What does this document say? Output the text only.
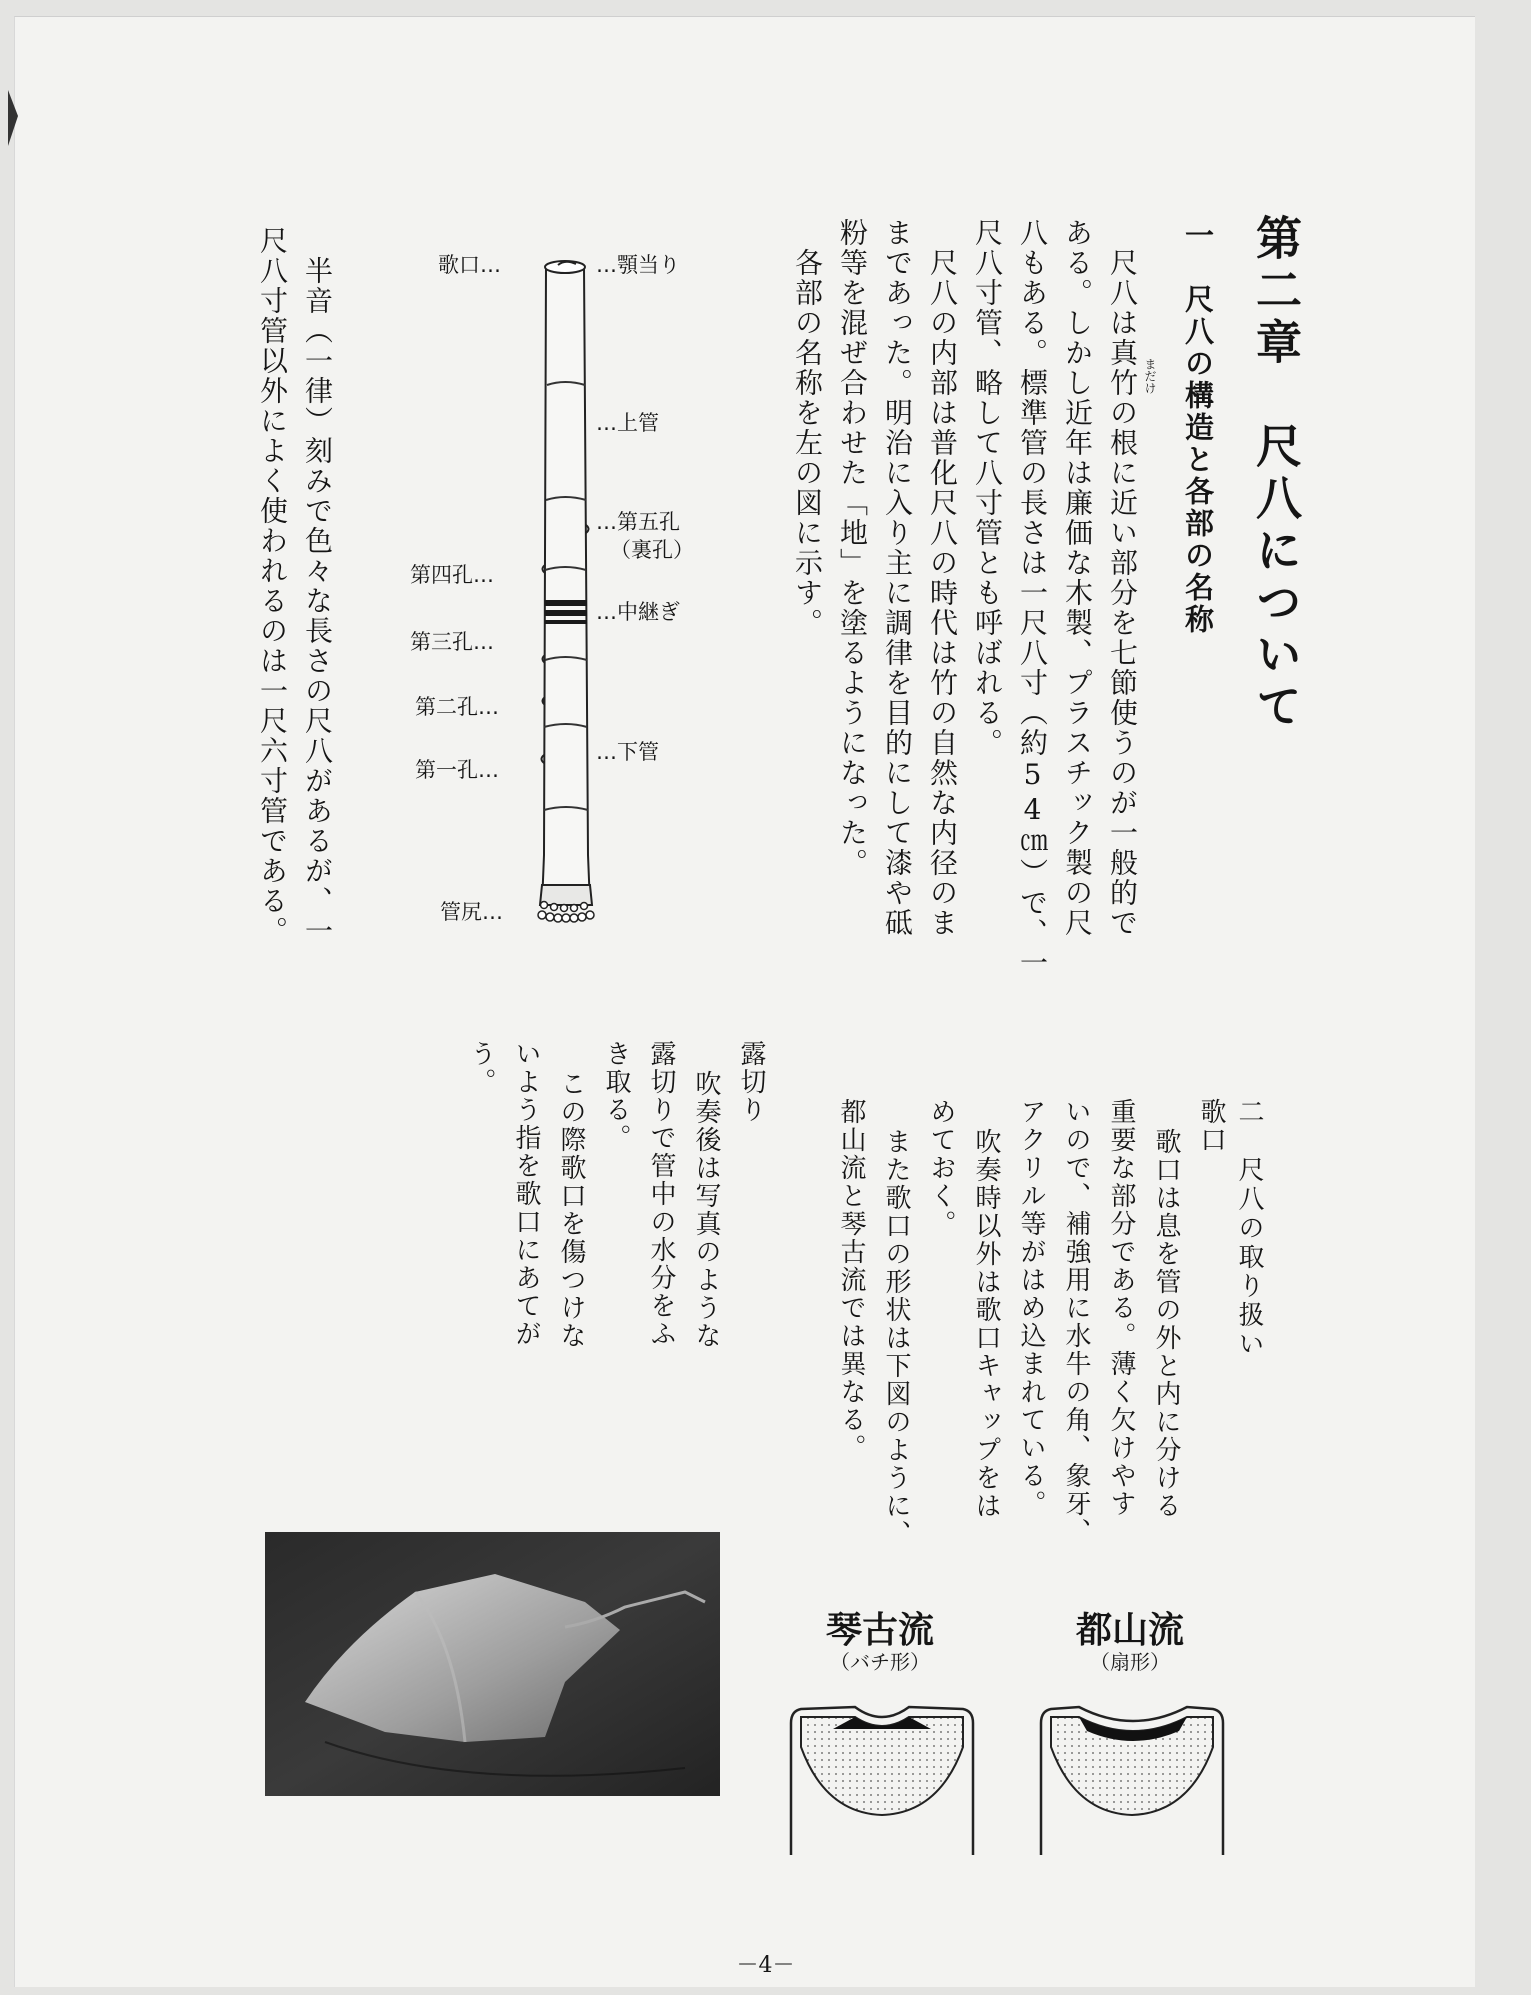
第二章　尺八について
一　尺八の構造と各部の名称
尺八は真竹の根に近い部分を七節使うのが一般的で まだけ
ある。しかし近年は廉価な木製、プラスチック製の尺
八もある。標準管の長さは一尺八寸（約54㎝）で、一
尺八寸管、略して八寸管とも呼ばれる。
尺八の内部は普化尺八の時代は竹の自然な内径のま
まであった。明治に入り主に調律を目的にして漆や砥
粉等を混ぜ合わせた「地」を塗るようになった。
各部の名称を左の図に示す。
歌口…	…顎当り
…上管
…第五孔
（裏孔）
第四孔…
…中継ぎ
第三孔…
第二孔…
…下管
第一孔…
管尻…
半音（一律）刻みで色々な長さの尺八があるが、一
尺八寸管以外によく使われるのは一尺六寸管である。
二　尺八の取り扱い
歌口
歌口は息を管の外と内に分ける
重要な部分である。薄く欠けやす
いので、補強用に水牛の角、象牙、
アクリル等がはめ込まれている。
吹奏時以外は歌口キャップをは
めておく。
また歌口の形状は下図のように、
都山流と琴古流では異なる。
露切り
吹奏後は写真のような
露切りで管中の水分をふ
き取る。
この際歌口を傷つけな
いよう指を歌口にあてが
う。
都山流
（扇形）
琴古流
（バチ形）
－4－
